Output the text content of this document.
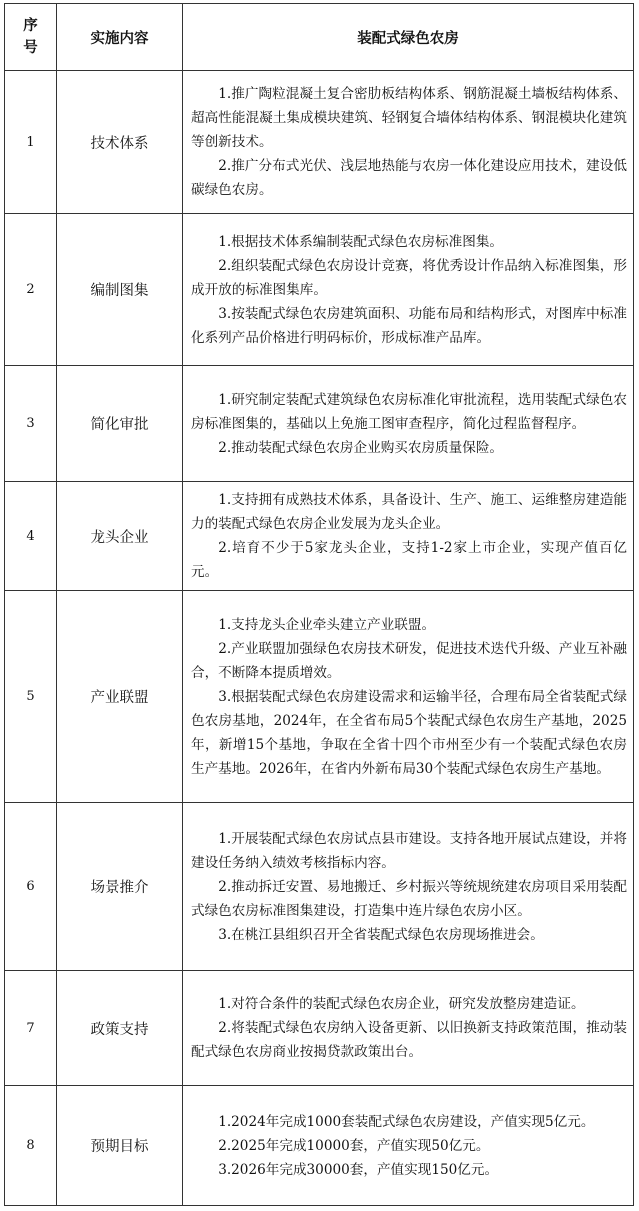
序号	实施内容	装配式绿色农房
1	技术体系	1.推广陶粒混凝土复合密肋板结构体系、钢筋混凝土墙板结构体系、超高性能混凝土集成模块建筑、轻钢复合墙体结构体系、钢混模块化建筑等创新技术。

2.推广分布式光伏、浅层地热能与农房一体化建设应用技术，建设低碳绿色农房。

2	编制图集	1.根据技术体系编制装配式绿色农房标准图集。

2.组织装配式绿色农房设计竞赛，将优秀设计作品纳入标准图集，形成开放的标准图集库。

3.按装配式绿色农房建筑面积、功能布局和结构形式，对图库中标准化系列产品价格进行明码标价，形成标准产品库。

3	简化审批	1.研究制定装配式建筑绿色农房标准化审批流程，选用装配式绿色农房标准图集的，基础以上免施工图审查程序，简化过程监督程序。

2.推动装配式绿色农房企业购买农房质量保险。

4	龙头企业	1.支持拥有成熟技术体系，具备设计、生产、施工、运维整房建造能力的装配式绿色农房企业发展为龙头企业。

2.培育不少于5家龙头企业，支持1-2家上市企业，实现产值百亿元。

5	产业联盟	1.支持龙头企业牵头建立产业联盟。

2.产业联盟加强绿色农房技术研发，促进技术迭代升级、产业互补融合，不断降本提质增效。

3.根据装配式绿色农房建设需求和运输半径，合理布局全省装配式绿色农房基地，2024年，在全省布局5个装配式绿色农房生产基地，2025年，新增15个基地，争取在全省十四个市州至少有一个装配式绿色农房生产基地。2026年，在省内外新布局30个装配式绿色农房生产基地。

6	场景推介	1.开展装配式绿色农房试点县市建设。支持各地开展试点建设，并将建设任务纳入绩效考核指标内容。

2.推动拆迁安置、易地搬迁、乡村振兴等统规统建农房项目采用装配式绿色农房标准图集建设，打造集中连片绿色农房小区。

3.在桃江县组织召开全省装配式绿色农房现场推进会。

7	政策支持	1.对符合条件的装配式绿色农房企业，研究发放整房建造证。

2.将装配式绿色农房纳入设备更新、以旧换新支持政策范围，推动装配式绿色农房商业按揭贷款政策出台。

8	预期目标	1.2024年完成1000套装配式绿色农房建设，产值实现5亿元。

2.2025年完成10000套，产值实现50亿元。

3.2026年完成30000套，产值实现150亿元。
